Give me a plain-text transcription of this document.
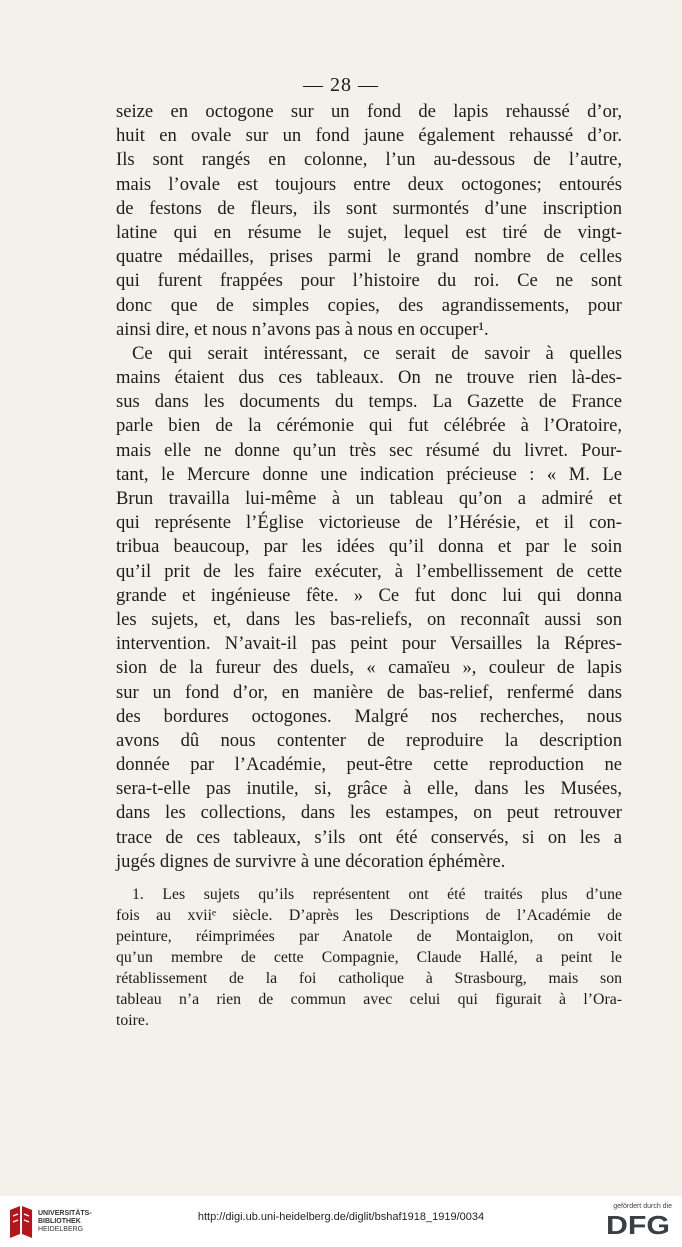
— 28 —
seize en octogone sur un fond de lapis rehaussé d’or,
huit en ovale sur un fond jaune également rehaussé d’or.
Ils sont rangés en colonne, l’un au-dessous de l’autre,
mais l’ovale est toujours entre deux octogones; entourés
de festons de fleurs, ils sont surmontés d’une inscription
latine qui en résume le sujet, lequel est tiré de vingt-
quatre médailles, prises parmi le grand nombre de celles
qui furent frappées pour l’histoire du roi. Ce ne sont
donc que de simples copies, des agrandissements, pour
ainsi dire, et nous n’avons pas à nous en occuper¹.
Ce qui serait intéressant, ce serait de savoir à quelles
mains étaient dus ces tableaux. On ne trouve rien là-des-
sus dans les documents du temps. La Gazette de France
parle bien de la cérémonie qui fut célébrée à l’Oratoire,
mais elle ne donne qu’un très sec résumé du livret. Pour-
tant, le Mercure donne une indication précieuse : « M. Le
Brun travailla lui-même à un tableau qu’on a admiré et
qui représente l’Église victorieuse de l’Hérésie, et il con-
tribua beaucoup, par les idées qu’il donna et par le soin
qu’il prit de les faire exécuter, à l’embellissement de cette
grande et ingénieuse fête. » Ce fut donc lui qui donna
les sujets, et, dans les bas-reliefs, on reconnaît aussi son
intervention. N’avait-il pas peint pour Versailles la Répres-
sion de la fureur des duels, « camaïeu », couleur de lapis
sur un fond d’or, en manière de bas-relief, renfermé dans
des bordures octogones. Malgré nos recherches, nous
avons dû nous contenter de reproduire la description
donnée par l’Académie, peut-être cette reproduction ne
sera-t-elle pas inutile, si, grâce à elle, dans les Musées,
dans les collections, dans les estampes, on peut retrouver
trace de ces tableaux, s’ils ont été conservés, si on les a
jugés dignes de survivre à une décoration éphémère.
1. Les sujets qu’ils représentent ont été traités plus d’une
fois au xviiᵉ siècle. D’après les Descriptions de l’Académie de
peinture, réimprimées par Anatole de Montaiglon, on voit
qu’un membre de cette Compagnie, Claude Hallé, a peint le
rétablissement de la foi catholique à Strasbourg, mais son
tableau n’a rien de commun avec celui qui figurait à l’Ora-
toire.
UNIVERSITÄTS-
BIBLIOTHEK
HEIDELBERG
http://digi.ub.uni-heidelberg.de/diglit/bshaf1918_1919/0034
gefördert durch die
DFG
